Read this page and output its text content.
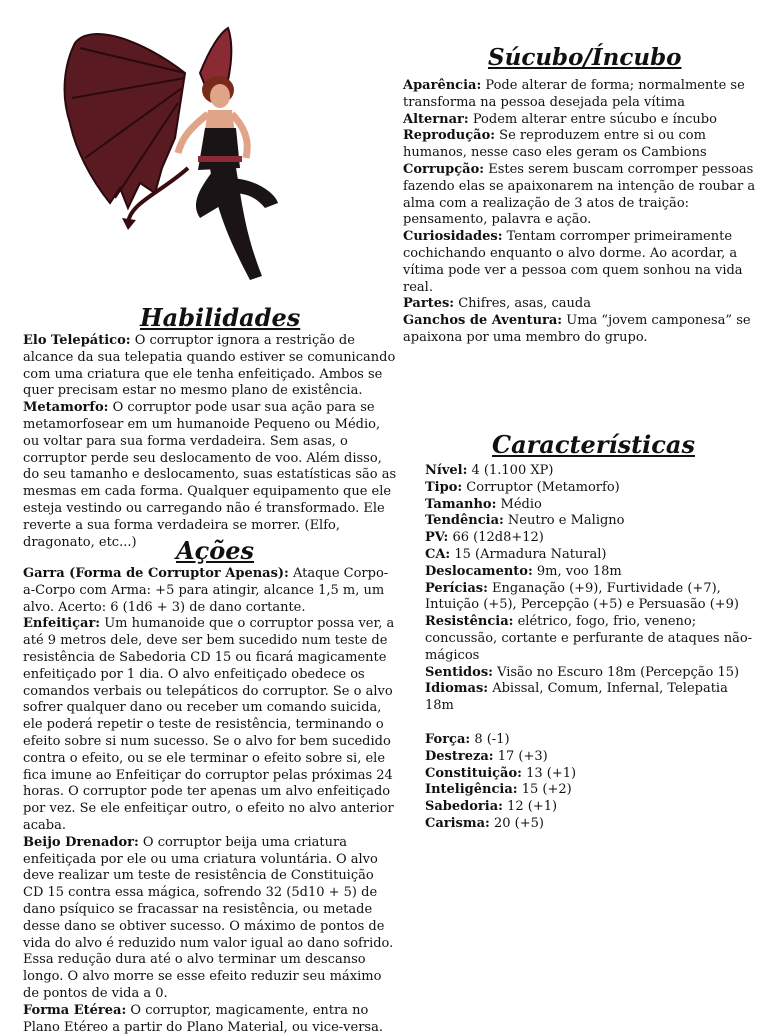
Súcubo/Íncubo

Aparência: Pode alterar de forma; normalmente se transforma na pessoa desejada pela vítima

Alternar: Podem alterar entre súcubo e íncubo

Reprodução: Se reproduzem entre si ou com humanos, nesse caso eles geram os Cambions

Corrupção: Estes serem buscam corromper pessoas fazendo elas se apaixonarem na intenção de roubar a alma com a realização de 3 atos de traição: pensamento, palavra e ação.

Curiosidades: Tentam corromper primeiramente cochichando enquanto o alvo dorme. Ao acordar, a vítima pode ver a pessoa com quem sonhou na vida real.

Partes: Chifres, asas, cauda

Ganchos de Aventura: Uma “jovem camponesa” se apaixona por uma membro do grupo.

Habilidades

Elo Telepático: O corruptor ignora a restrição de alcance da sua telepatia quando estiver se comunicando com uma criatura que ele tenha enfeitiçado. Ambos se quer precisam estar no mesmo plano de existência.

Metamorfo: O corruptor pode usar sua ação para se metamorfosear em um humanoide Pequeno ou Médio, ou voltar para sua forma verdadeira. Sem asas, o corruptor perde seu deslocamento de voo. Além disso, do seu tamanho e deslocamento, suas estatísticas são as mesmas em cada forma. Qualquer equipamento que ele esteja vestindo ou carregando não é transformado. Ele reverte a sua forma verdadeira se morrer. (Elfo, dragonato, etc...)	Ações

Garra (Forma de Corruptor Apenas): Ataque Corpo-a-Corpo com Arma: +5 para atingir, alcance 1,5 m, um alvo. Acerto: 6 (1d6 + 3) de dano cortante.

Enfeitiçar: Um humanoide que o corruptor possa ver, a até 9 metros dele, deve ser bem sucedido num teste de resistência de Sabedoria CD 15 ou ficará magicamente enfeitiçado por 1 dia. O alvo enfeitiçado obedece os comandos verbais ou telepáticos do corruptor. Se o alvo sofrer qualquer dano ou receber um comando suicida, ele poderá repetir o teste de resistência, terminando o efeito sobre si num sucesso. Se o alvo for bem sucedido contra o efeito, ou se ele terminar o efeito sobre si, ele fica imune ao Enfeitiçar do corruptor pelas próximas 24 horas. O corruptor pode ter apenas um alvo enfeitiçado por vez. Se ele enfeitiçar outro, o efeito no alvo anterior acaba.

Beijo Drenador: O corruptor beija uma criatura enfeitiçada por ele ou uma criatura voluntária. O alvo deve realizar um teste de resistência de Constituição CD 15 contra essa mágica, sofrendo 32 (5d10 + 5) de dano psíquico se fracassar na resistência, ou metade desse dano se obtiver sucesso. O máximo de pontos de vida do alvo é reduzido num valor igual ao dano sofrido. Essa redução dura até o alvo terminar um descanso longo. O alvo morre se esse efeito reduzir seu máximo de pontos de vida a 0.

Forma Etérea: O corruptor, magicamente, entra no Plano Etéreo a partir do Plano Material, ou vice-versa.

Características

Nível: 4 (1.100 XP)

Tipo: Corruptor (Metamorfo)

Tamanho: Médio

Tendência: Neutro e Maligno

PV: 66 (12d8+12)

CA: 15 (Armadura Natural)

Deslocamento: 9m, voo 18m

Perícias: Enganação (+9), Furtividade (+7), Intuição (+5), Percepção (+5) e Persuasão (+9)

Resistência: elétrico, fogo, frio, veneno; concussão, cortante e perfurante de ataques não-mágicos

Sentidos: Visão no Escuro 18m (Percepção 15)

Idiomas: Abissal, Comum, Infernal, Telepatia 18m

Força: 8 (-1)

Destreza: 17 (+3)

Constituição: 13 (+1)

Inteligência: 15 (+2)

Sabedoria: 12 (+1)

Carisma: 20 (+5)
